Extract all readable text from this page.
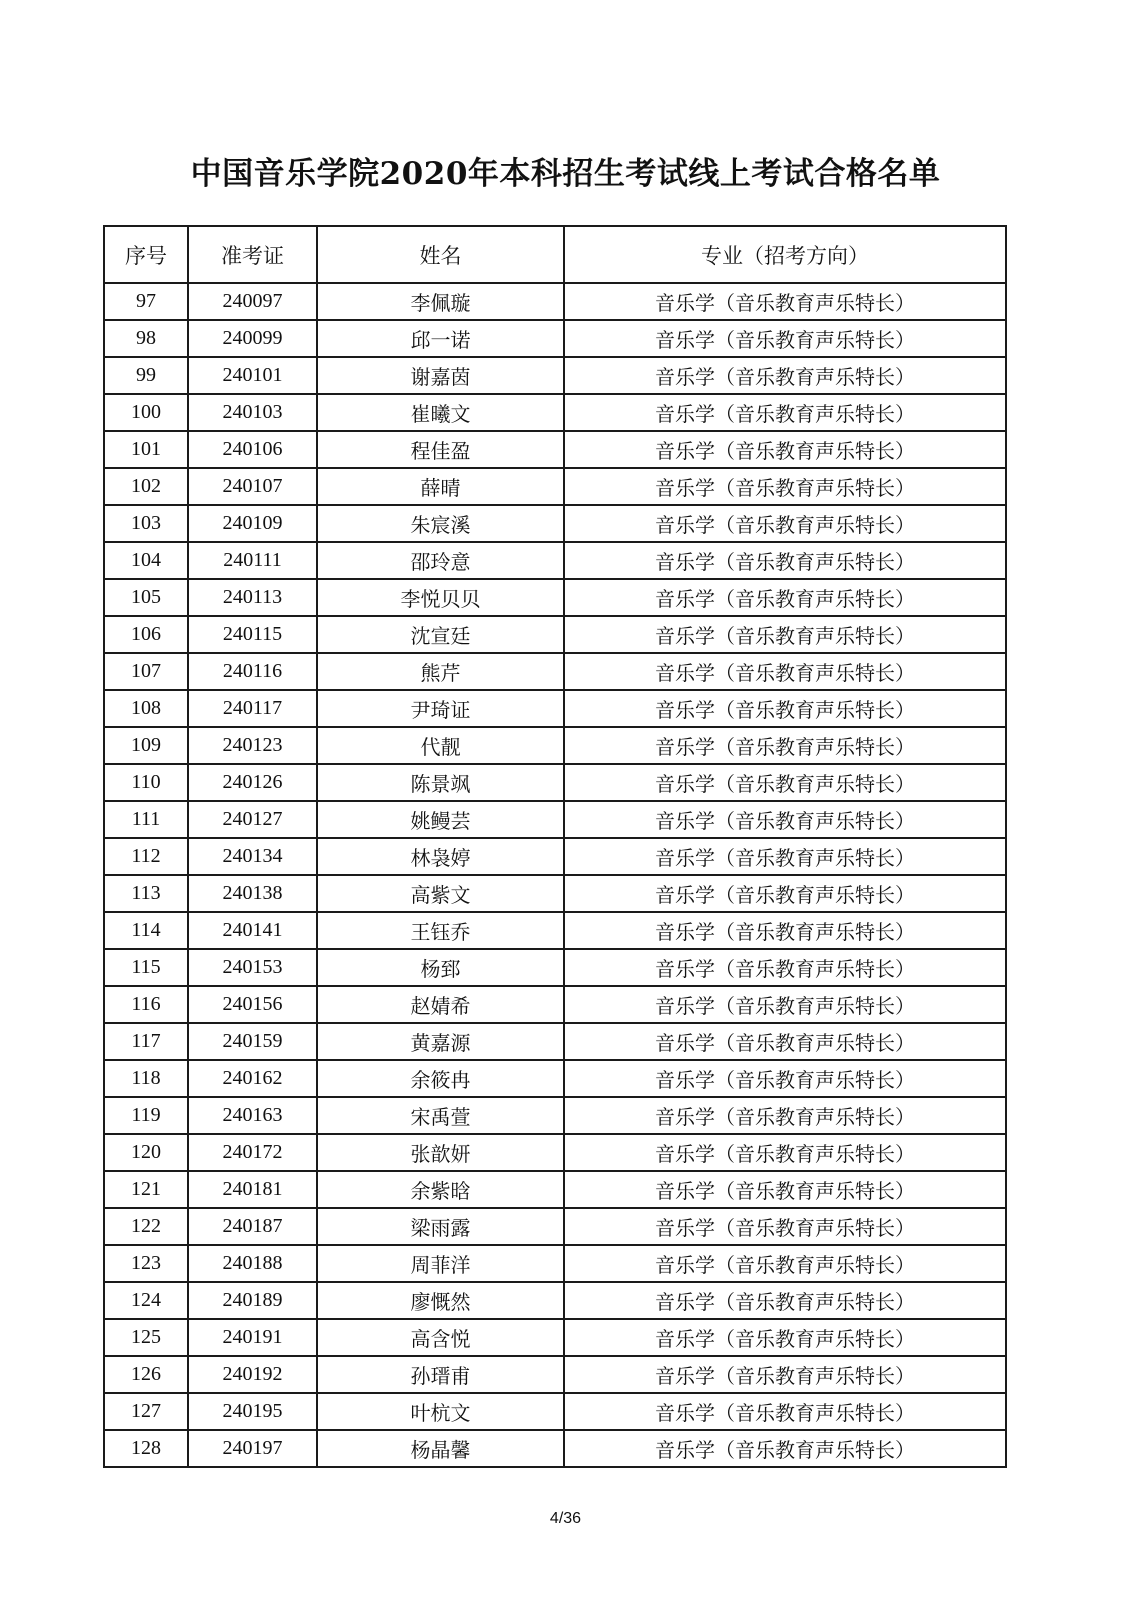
中国音乐学院2020年本科招生考试线上考试合格名单
序号	准考证	姓名	专业（招考方向）
97	240097	李佩璇	音乐学（音乐教育声乐特长）
98	240099	邱一诺	音乐学（音乐教育声乐特长）
99	240101	谢嘉茵	音乐学（音乐教育声乐特长）
100	240103	崔曦文	音乐学（音乐教育声乐特长）
101	240106	程佳盈	音乐学（音乐教育声乐特长）
102	240107	薛晴	音乐学（音乐教育声乐特长）
103	240109	朱宸溪	音乐学（音乐教育声乐特长）
104	240111	邵玲意	音乐学（音乐教育声乐特长）
105	240113	李悦贝贝	音乐学（音乐教育声乐特长）
106	240115	沈宣廷	音乐学（音乐教育声乐特长）
107	240116	熊芹	音乐学（音乐教育声乐特长）
108	240117	尹琦证	音乐学（音乐教育声乐特长）
109	240123	代靓	音乐学（音乐教育声乐特长）
110	240126	陈景飒	音乐学（音乐教育声乐特长）
111	240127	姚鳗芸	音乐学（音乐教育声乐特长）
112	240134	林袅婷	音乐学（音乐教育声乐特长）
113	240138	高紫文	音乐学（音乐教育声乐特长）
114	240141	王钰乔	音乐学（音乐教育声乐特长）
115	240153	杨郅	音乐学（音乐教育声乐特长）
116	240156	赵婧希	音乐学（音乐教育声乐特长）
117	240159	黄嘉源	音乐学（音乐教育声乐特长）
118	240162	余筱冉	音乐学（音乐教育声乐特长）
119	240163	宋禹萱	音乐学（音乐教育声乐特长）
120	240172	张歆妍	音乐学（音乐教育声乐特长）
121	240181	余紫晗	音乐学（音乐教育声乐特长）
122	240187	梁雨露	音乐学（音乐教育声乐特长）
123	240188	周菲洋	音乐学（音乐教育声乐特长）
124	240189	廖慨然	音乐学（音乐教育声乐特长）
125	240191	高含悦	音乐学（音乐教育声乐特长）
126	240192	孙瑨甫	音乐学（音乐教育声乐特长）
127	240195	叶杭文	音乐学（音乐教育声乐特长）
128	240197	杨晶馨	音乐学（音乐教育声乐特长）
4/36
